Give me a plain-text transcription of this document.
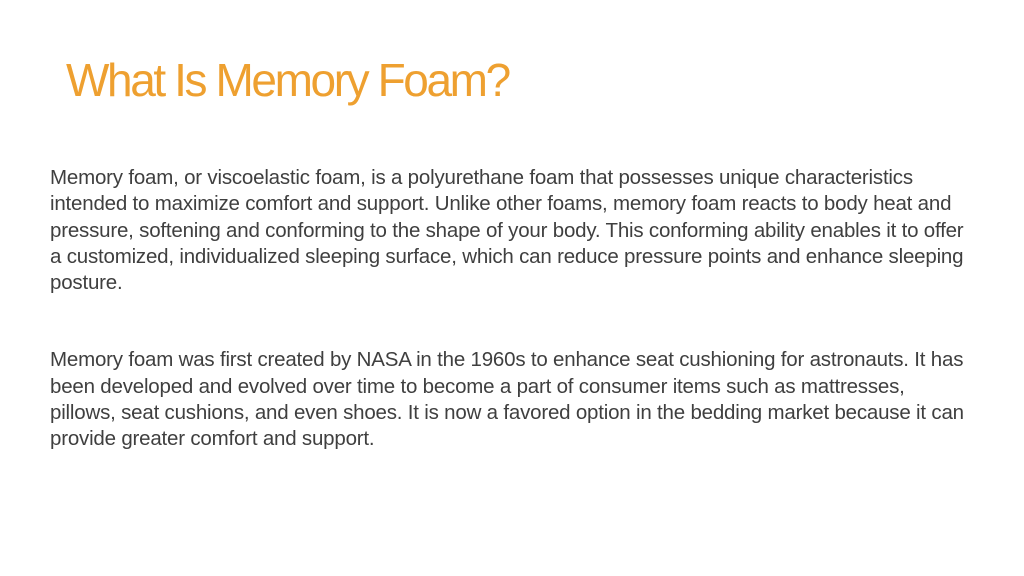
What Is Memory Foam?

Memory foam, or viscoelastic foam, is a polyurethane foam that possesses unique characteristics intended to maximize comfort and support. Unlike other foams, memory foam reacts to body heat and pressure, softening and conforming to the shape of your body. This conforming ability enables it to offer a customized, individualized sleeping surface, which can reduce pressure points and enhance sleeping posture.

Memory foam was first created by NASA in the 1960s to enhance seat cushioning for astronauts. It has been developed and evolved over time to become a part of consumer items such as mattresses, pillows, seat cushions, and even shoes. It is now a favored option in the bedding market because it can provide greater comfort and support.
